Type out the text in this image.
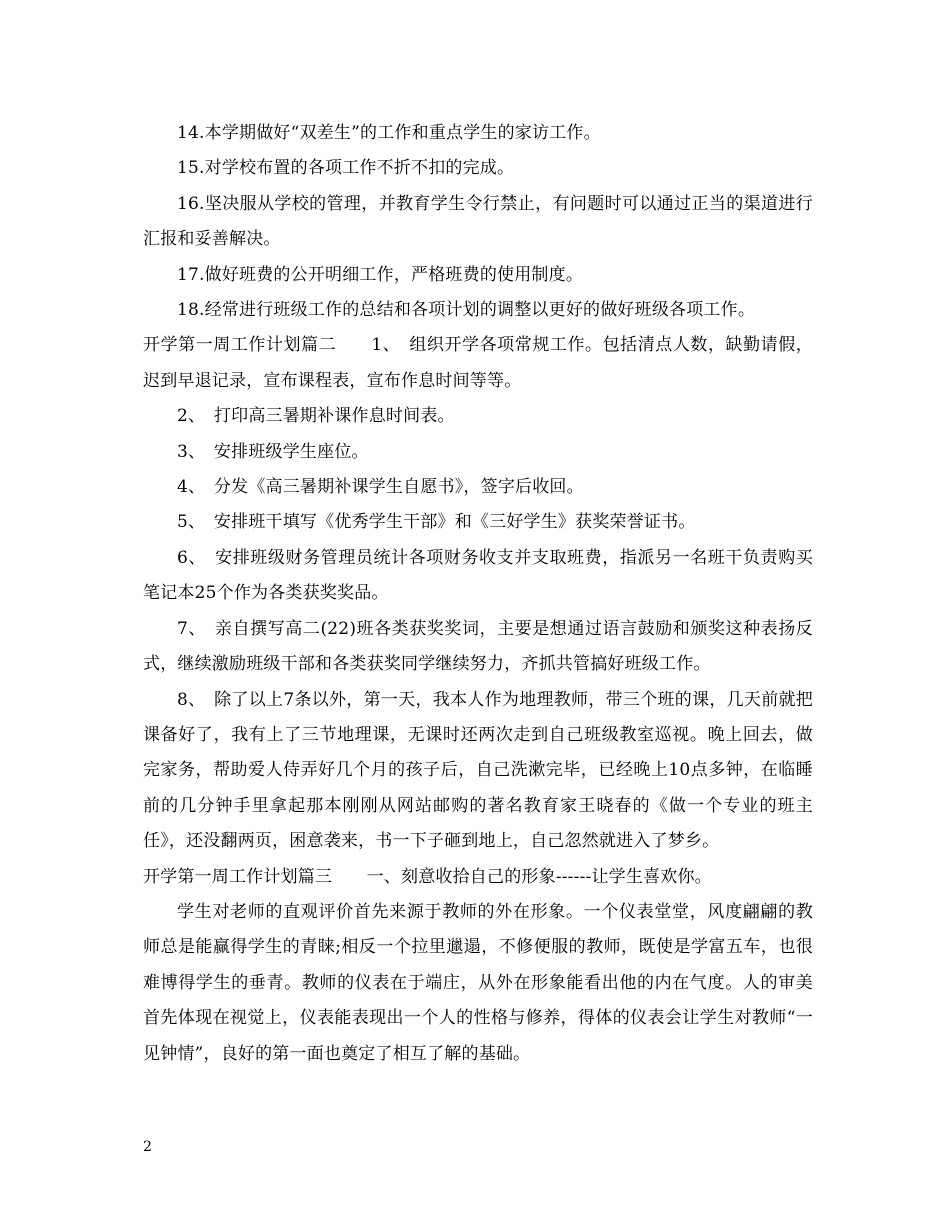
14.本学期做好“双差生”的工作和重点学生的家访工作。

15.对学校布置的各项工作不折不扣的完成。

16.坚决服从学校的管理，并教育学生令行禁止，有问题时可以通过正当的渠道进行汇报和妥善解决。

17.做好班费的公开明细工作，严格班费的使用制度。

18.经常进行班级工作的总结和各项计划的调整以更好的做好班级各项工作。

开学第一周工作计划篇二　　1、　组织开学各项常规工作。包括清点人数，缺勤请假，迟到早退记录，宣布课程表，宣布作息时间等等。

2、　打印高三暑期补课作息时间表。

3、　安排班级学生座位。

4、　分发《高三暑期补课学生自愿书》，签字后收回。

5、　安排班干填写《优秀学生干部》和《三好学生》获奖荣誉证书。

6、　安排班级财务管理员统计各项财务收支并支取班费，指派另一名班干负责购买笔记本25个作为各类获奖奖品。

7、　亲自撰写高二(22)班各类获奖奖词，主要是想通过语言鼓励和颁奖这种表扬反式，继续激励班级干部和各类获奖同学继续努力，齐抓共管搞好班级工作。

8、　除了以上7条以外，第一天，我本人作为地理教师，带三个班的课，几天前就把课备好了，我有上了三节地理课，无课时还两次走到自己班级教室巡视。晚上回去，做完家务，帮助爱人侍弄好几个月的孩子后，自己洗漱完毕，已经晚上10点多钟，在临睡前的几分钟手里拿起那本刚刚从网站邮购的著名教育家王晓春的《做一个专业的班主任》，还没翻两页，困意袭来，书一下子砸到地上，自己忽然就进入了梦乡。

开学第一周工作计划篇三　　一、刻意收拾自己的形象------让学生喜欢你。

学生对老师的直观评价首先来源于教师的外在形象。一个仪表堂堂，风度翩翩的教师总是能赢得学生的青睐;相反一个拉里邋遢，不修便服的教师，既使是学富五车，也很难博得学生的垂青。教师的仪表在于端庄，从外在形象能看出他的内在气度。人的审美首先体现在视觉上，仪表能表现出一个人的性格与修养，得体的仪表会让学生对教师“一见钟情”，良好的第一面也奠定了相互了解的基础。

2
